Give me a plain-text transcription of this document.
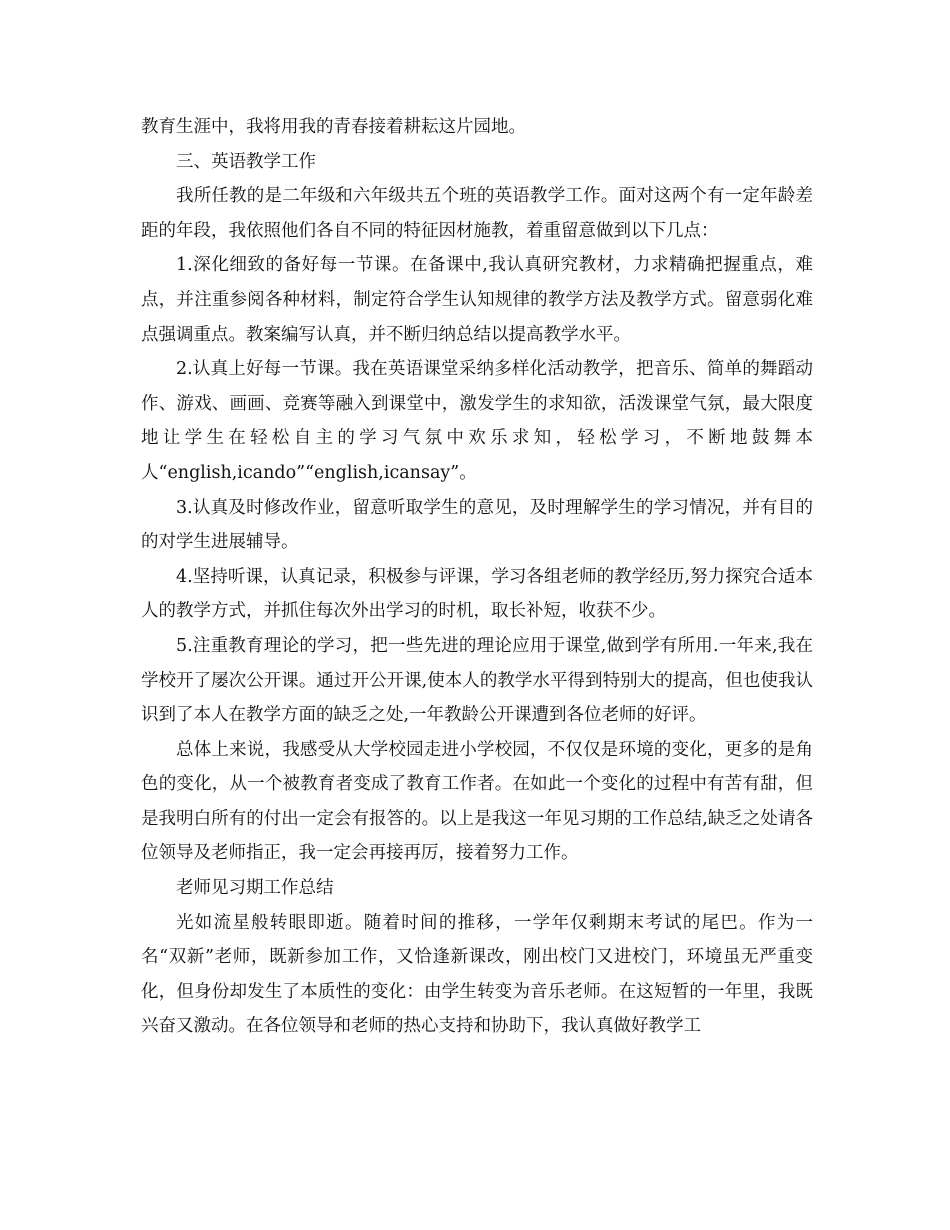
教育生涯中，我将用我的青春接着耕耘这片园地。

三、英语教学工作

我所任教的是二年级和六年级共五个班的英语教学工作。面对这两个有一定年龄差距的年段，我依照他们各自不同的特征因材施教，着重留意做到以下几点：

1.深化细致的备好每一节课。在备课中,我认真研究教材，力求精确把握重点，难点，并注重参阅各种材料，制定符合学生认知规律的教学方法及教学方式。留意弱化难点强调重点。教案编写认真，并不断归纳总结以提高教学水平。

2.认真上好每一节课。我在英语课堂采纳多样化活动教学，把音乐、简单的舞蹈动作、游戏、画画、竞赛等融入到课堂中，激发学生的求知欲，活泼课堂气氛，最大限度地让学生在轻松自主的学习气氛中欢乐求知，轻松学习，不断地鼓舞本人“english,icando”“english,icansay”。

3.认真及时修改作业，留意听取学生的意见，及时理解学生的学习情况，并有目的的对学生进展辅导。

4.坚持听课，认真记录，积极参与评课，学习各组老师的教学经历,努力探究合适本人的教学方式，并抓住每次外出学习的时机，取长补短，收获不少。

5.注重教育理论的学习，把一些先进的理论应用于课堂,做到学有所用.一年来,我在学校开了屡次公开课。通过开公开课,使本人的教学水平得到特别大的提高，但也使我认识到了本人在教学方面的缺乏之处,一年教龄公开课遭到各位老师的好评。

总体上来说，我感受从大学校园走进小学校园，不仅仅是环境的变化，更多的是角色的变化，从一个被教育者变成了教育工作者。在如此一个变化的过程中有苦有甜，但是我明白所有的付出一定会有报答的。以上是我这一年见习期的工作总结,缺乏之处请各位领导及老师指正，我一定会再接再厉，接着努力工作。

老师见习期工作总结

光如流星般转眼即逝。随着时间的推移，一学年仅剩期末考试的尾巴。作为一名“双新”老师，既新参加工作，又恰逢新课改，刚出校门又进校门，环境虽无严重变化，但身份却发生了本质性的变化：由学生转变为音乐老师。在这短暂的一年里，我既兴奋又激动。在各位领导和老师的热心支持和协助下，我认真做好教学工
